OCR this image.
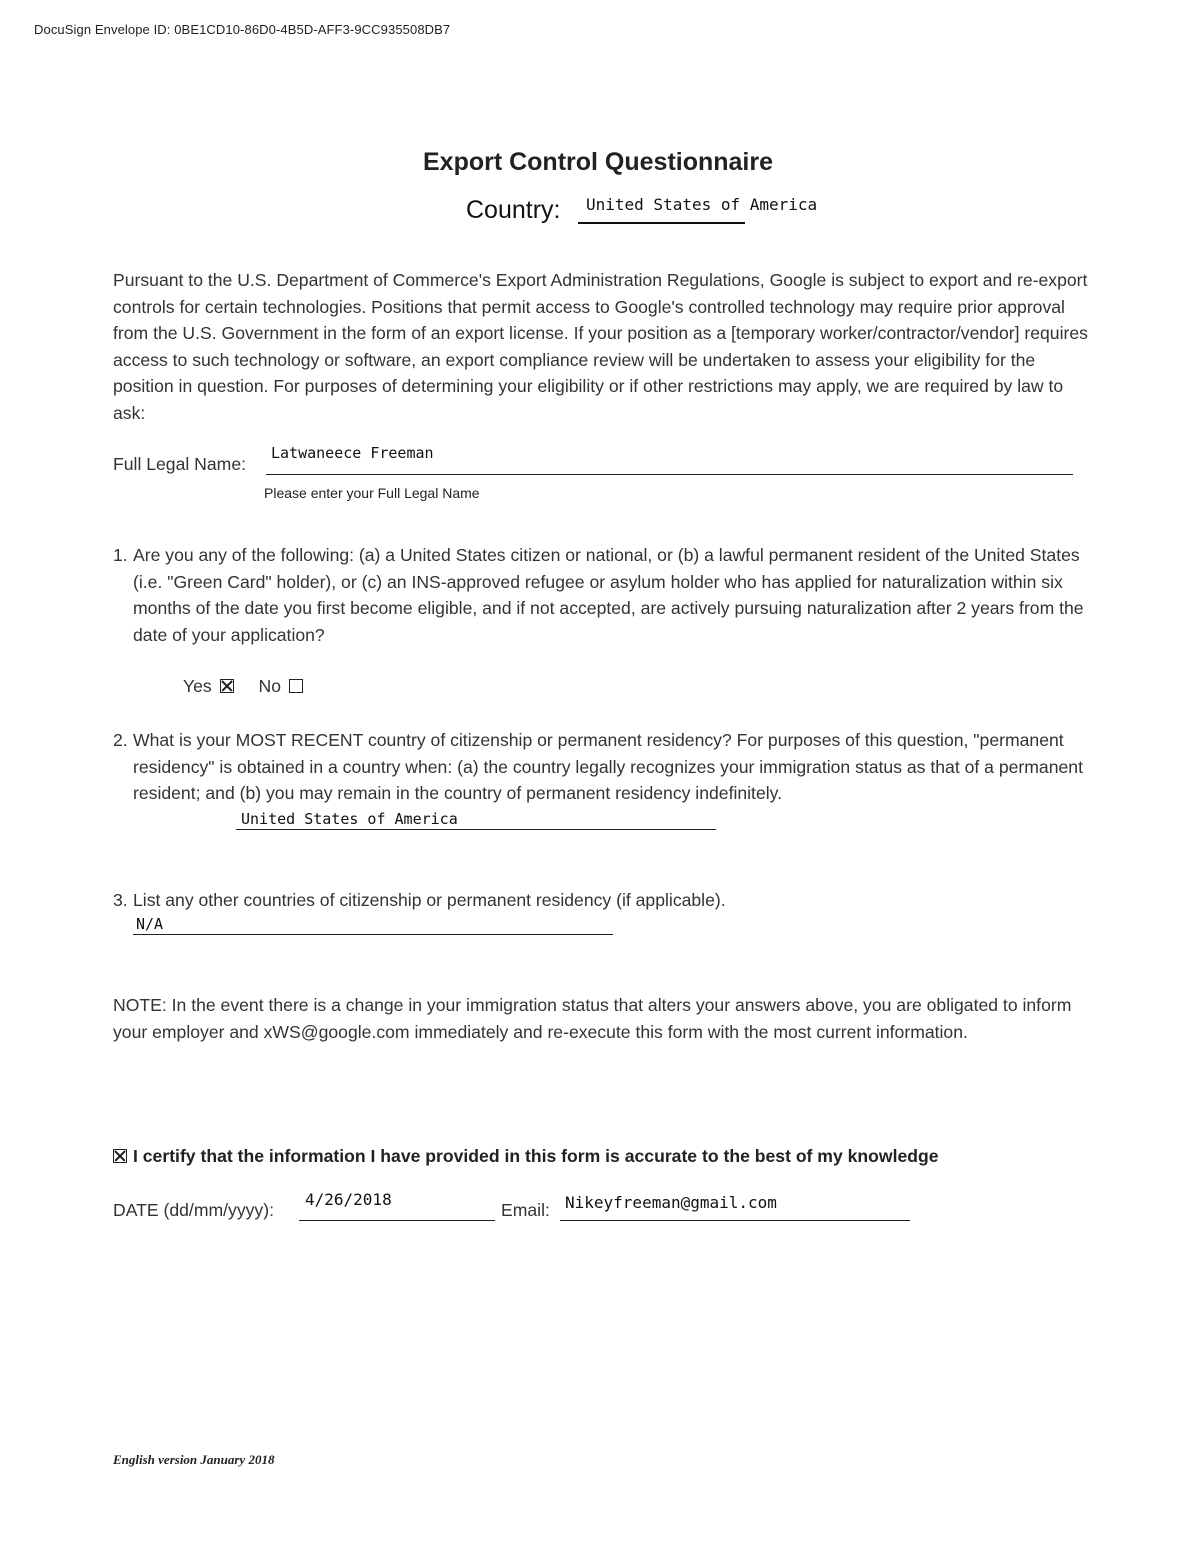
DocuSign Envelope ID: 0BE1CD10-86D0-4B5D-AFF3-9CC935508DB7
Export Control Questionnaire
Country: United States of America
Pursuant to the U.S. Department of Commerce's Export Administration Regulations, Google is subject to export and re-export controls for certain technologies. Positions that permit access to Google's controlled technology may require prior approval from the U.S. Government in the form of an export license. If your position as a [temporary worker/contractor/vendor] requires access to such technology or software, an export compliance review will be undertaken to assess your eligibility for the position in question. For purposes of determining your eligibility or if other restrictions may apply, we are required by law to ask:
Full Legal Name:
Latwaneece Freeman
Please enter your Full Legal Name
1. Are you any of the following: (a) a United States citizen or national, or (b) a lawful permanent resident of the United States (i.e. "Green Card" holder), or (c) an INS-approved refugee or asylum holder who has applied for naturalization within six months of the date you first become eligible, and if not accepted, are actively pursuing naturalization after 2 years from the date of your application?
Yes	No
2. What is your MOST RECENT country of citizenship or permanent residency? For purposes of this question, "permanent residency" is obtained in a country when: (a) the country legally recognizes your immigration status as that of a permanent resident; and (b) you may remain in the country of permanent residency indefinitely.
United States of America
3. List any other countries of citizenship or permanent residency (if applicable).
N/A
NOTE: In the event there is a change in your immigration status that alters your answers above, you are obligated to inform your employer and xWS@google.com immediately and re-execute this form with the most current information.
I certify that the information I have provided in this form is accurate to the best of my knowledge
DATE (dd/mm/yyyy):
4/26/2018
Email: Nikeyfreeman@gmail.com
English version January 2018
